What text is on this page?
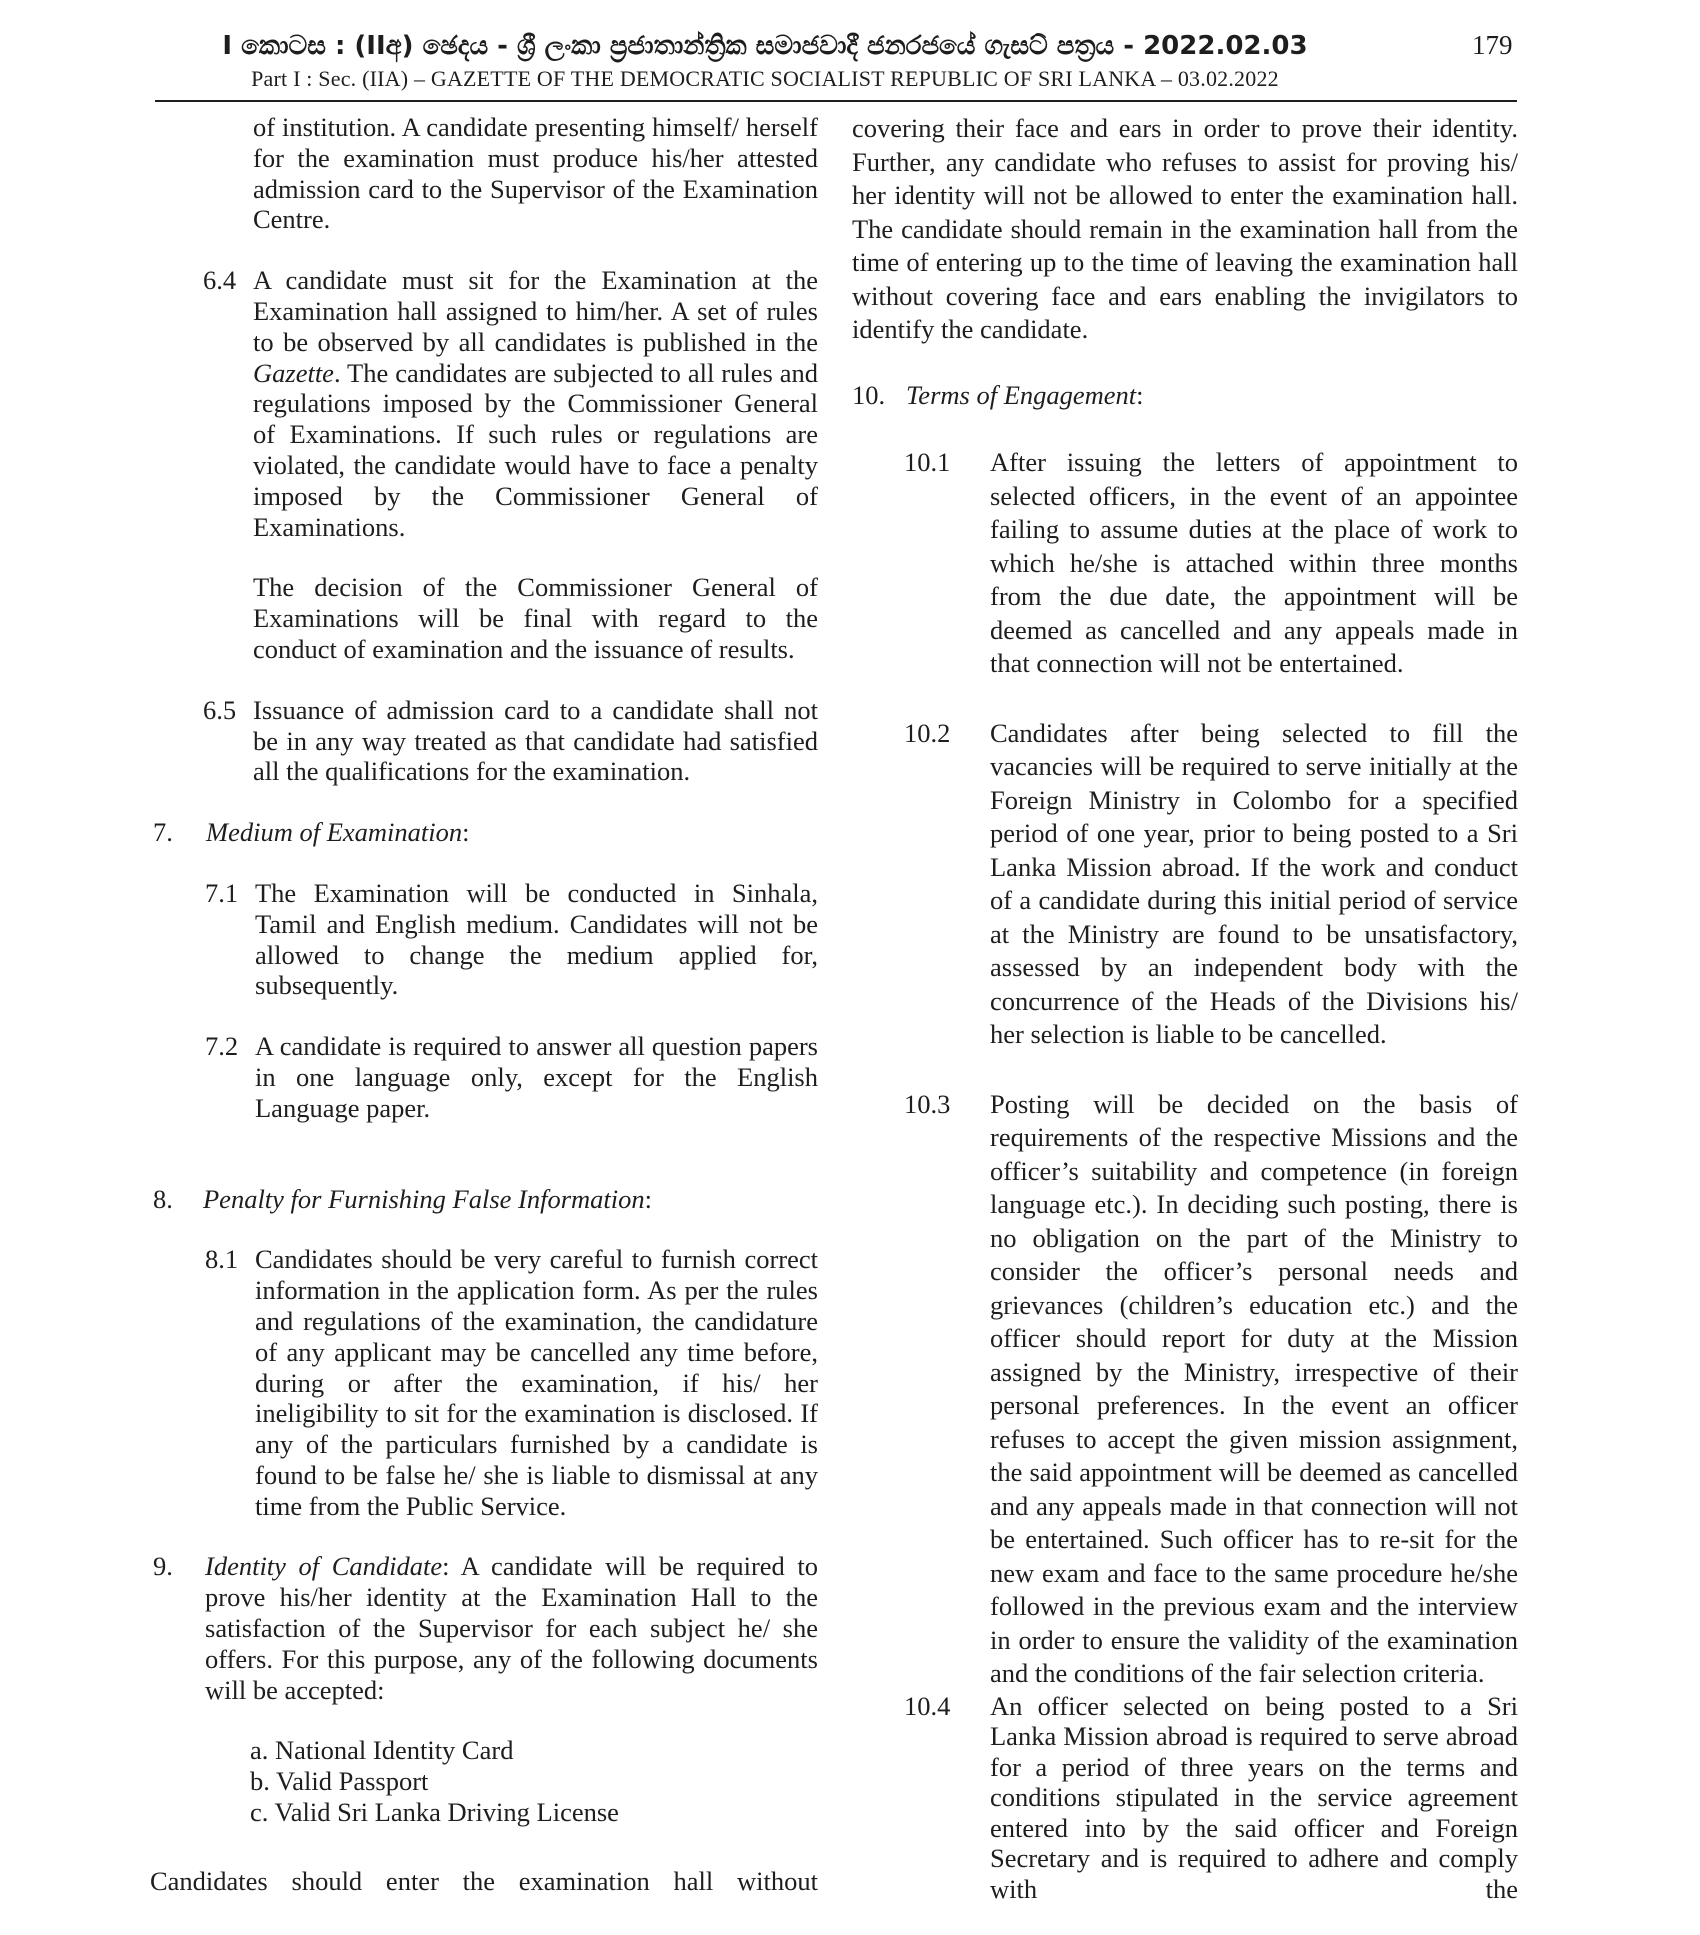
I කොටස : (IIඅ) ඡෙදය - ශ්‍රී ලංකා ප්‍රජාතාන්ත්‍රික සමාජවාදී ජනරජයේ ගැසට් පත්‍රය - 2022.02.03	179
Part I : Sec. (IIA) – GAZETTE OF THE DEMOCRATIC SOCIALIST REPUBLIC OF SRI LANKA – 03.02.2022

of institution. A candidate presenting himself/ herself for the examination must produce his/her attested admission card to the Supervisor of the Examination Centre.

6.4 A candidate must sit for the Examination at the Examination hall assigned to him/her. A set of rules to be observed by all candidates is published in the Gazette. The candidates are subjected to all rules and regulations imposed by the Commissioner General of Examinations. If such rules or regulations are violated, the candidate would have to face a penalty imposed by the Commissioner General of Examinations.

The decision of the Commissioner General of Examinations will be final with regard to the conduct of examination and the issuance of results.

6.5 Issuance of admission card to a candidate shall not be in any way treated as that candidate had satisfied all the qualifications for the examination.

7. Medium of Examination:

7.1 The Examination will be conducted in Sinhala, Tamil and English medium. Candidates will not be allowed to change the medium applied for, subsequently.

7.2 A candidate is required to answer all question papers in one language only, except for the English Language paper.

8. Penalty for Furnishing False Information:

8.1 Candidates should be very careful to furnish correct information in the application form. As per the rules and regulations of the examination, the candidature of any applicant may be cancelled any time before, during or after the examination, if his/ her ineligibility to sit for the examination is disclosed. If any of the particulars furnished by a candidate is found to be false he/ she is liable to dismissal at any time from the Public Service.

9. Identity of Candidate: A candidate will be required to prove his/her identity at the Examination Hall to the satisfaction of the Supervisor for each subject he/ she offers. For this purpose, any of the following documents will be accepted:

a. National Identity Card

b. Valid Passport

c. Valid Sri Lanka Driving License

Candidates should enter the examination hall without

covering their face and ears in order to prove their identity. Further, any candidate who refuses to assist for proving his/ her identity will not be allowed to enter the examination hall. The candidate should remain in the examination hall from the time of entering up to the time of leaving the examination hall without covering face and ears enabling the invigilators to identify the candidate.

10. Terms of Engagement:

10.1 After issuing the letters of appointment to selected officers, in the event of an appointee failing to assume duties at the place of work to which he/she is attached within three months from the due date, the appointment will be deemed as cancelled and any appeals made in that connection will not be entertained.

10.2 Candidates after being selected to fill the vacancies will be required to serve initially at the Foreign Ministry in Colombo for a specified period of one year, prior to being posted to a Sri Lanka Mission abroad. If the work and conduct of a candidate during this initial period of service at the Ministry are found to be unsatisfactory, assessed by an independent body with the concurrence of the Heads of the Divisions his/ her selection is liable to be cancelled.

10.3 Posting will be decided on the basis of requirements of the respective Missions and the officer’s suitability and competence (in foreign language etc.). In deciding such posting, there is no obligation on the part of the Ministry to consider the officer’s personal needs and grievances (children’s education etc.) and the officer should report for duty at the Mission assigned by the Ministry, irrespective of their personal preferences. In the event an officer refuses to accept the given mission assignment, the said appointment will be deemed as cancelled and any appeals made in that connection will not be entertained. Such officer has to re-sit for the new exam and face to the same procedure he/she followed in the previous exam and the interview in order to ensure the validity of the examination and the conditions of the fair selection criteria.

10.4 An officer selected on being posted to a Sri Lanka Mission abroad is required to serve abroad for a period of three years on the terms and conditions stipulated in the service agreement entered into by the said officer and Foreign Secretary and is required to adhere and comply with the
